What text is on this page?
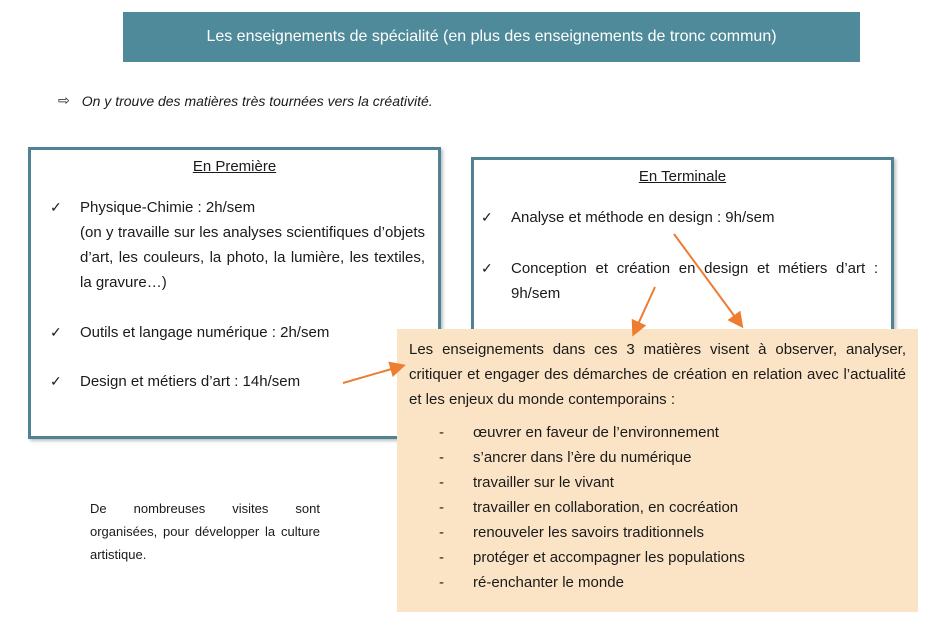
Les enseignements de spécialité (en plus des enseignements de tronc commun)
⇨ On y trouve des matières très tournées vers la créativité.
En Première
✓ Physique-Chimie : 2h/sem
(on y travaille sur les analyses scientifiques d’objets d’art, les couleurs, la photo, la lumière, les textiles, la gravure…)
✓ Outils et langage numérique : 2h/sem
✓ Design et métiers d’art : 14h/sem
En Terminale
✓ Analyse et méthode en design : 9h/sem
✓ Conception et création en design et métiers d’art : 9h/sem
Les enseignements dans ces 3 matières visent à observer, analyser, critiquer et engager des démarches de création en relation avec l’actualité et les enjeux du monde contemporains :
- œuvrer en faveur de l’environnement
- s’ancrer dans l’ère du numérique
- travailler sur le vivant
- travailler en collaboration, en cocréation
- renouveler les savoirs traditionnels
- protéger et accompagner les populations
- ré-enchanter le monde
De nombreuses visites sont organisées, pour développer la culture artistique.
